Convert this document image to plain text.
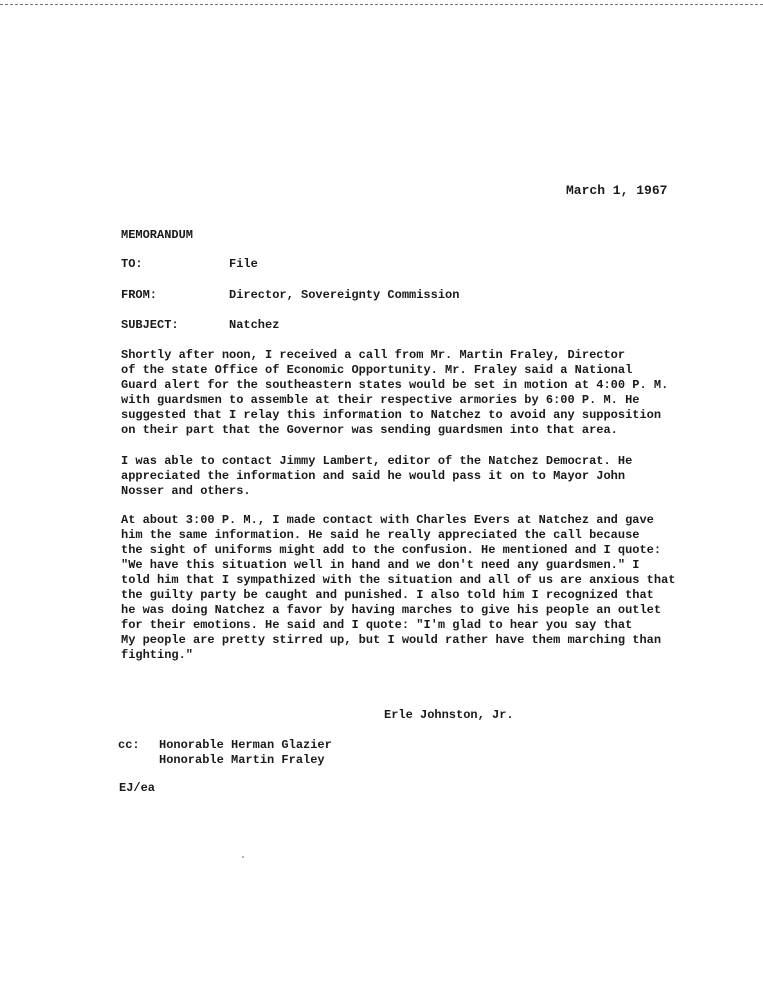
March 1, 1967
MEMORANDUM
TO:	File
FROM:	Director, Sovereignty Commission
SUBJECT:	Natchez
Shortly after noon, I received a call from Mr. Martin Fraley, Director
of the state Office of Economic Opportunity. Mr. Fraley said a National
Guard alert for the southeastern states would be set in motion at 4:00 P. M.
with guardsmen to assemble at their respective armories by 6:00 P. M. He
suggested that I relay this information to Natchez to avoid any supposition
on their part that the Governor was sending guardsmen into that area.
I was able to contact Jimmy Lambert, editor of the Natchez Democrat. He
appreciated the information and said he would pass it on to Mayor John
Nosser and others.
At about 3:00 P. M., I made contact with Charles Evers at Natchez and gave
him the same information. He said he really appreciated the call because
the sight of uniforms might add to the confusion. He mentioned and I quote:
"We have this situation well in hand and we don't need any guardsmen." I
told him that I sympathized with the situation and all of us are anxious that
the guilty party be caught and punished. I also told him I recognized that
he was doing Natchez a favor by having marches to give his people an outlet
for their emotions. He said and I quote: "I'm glad to hear you say that
My people are pretty stirred up, but I would rather have them marching than
fighting."
Erle Johnston, Jr.
cc: Honorable Herman Glazier
Honorable Martin Fraley
EJ/ea
